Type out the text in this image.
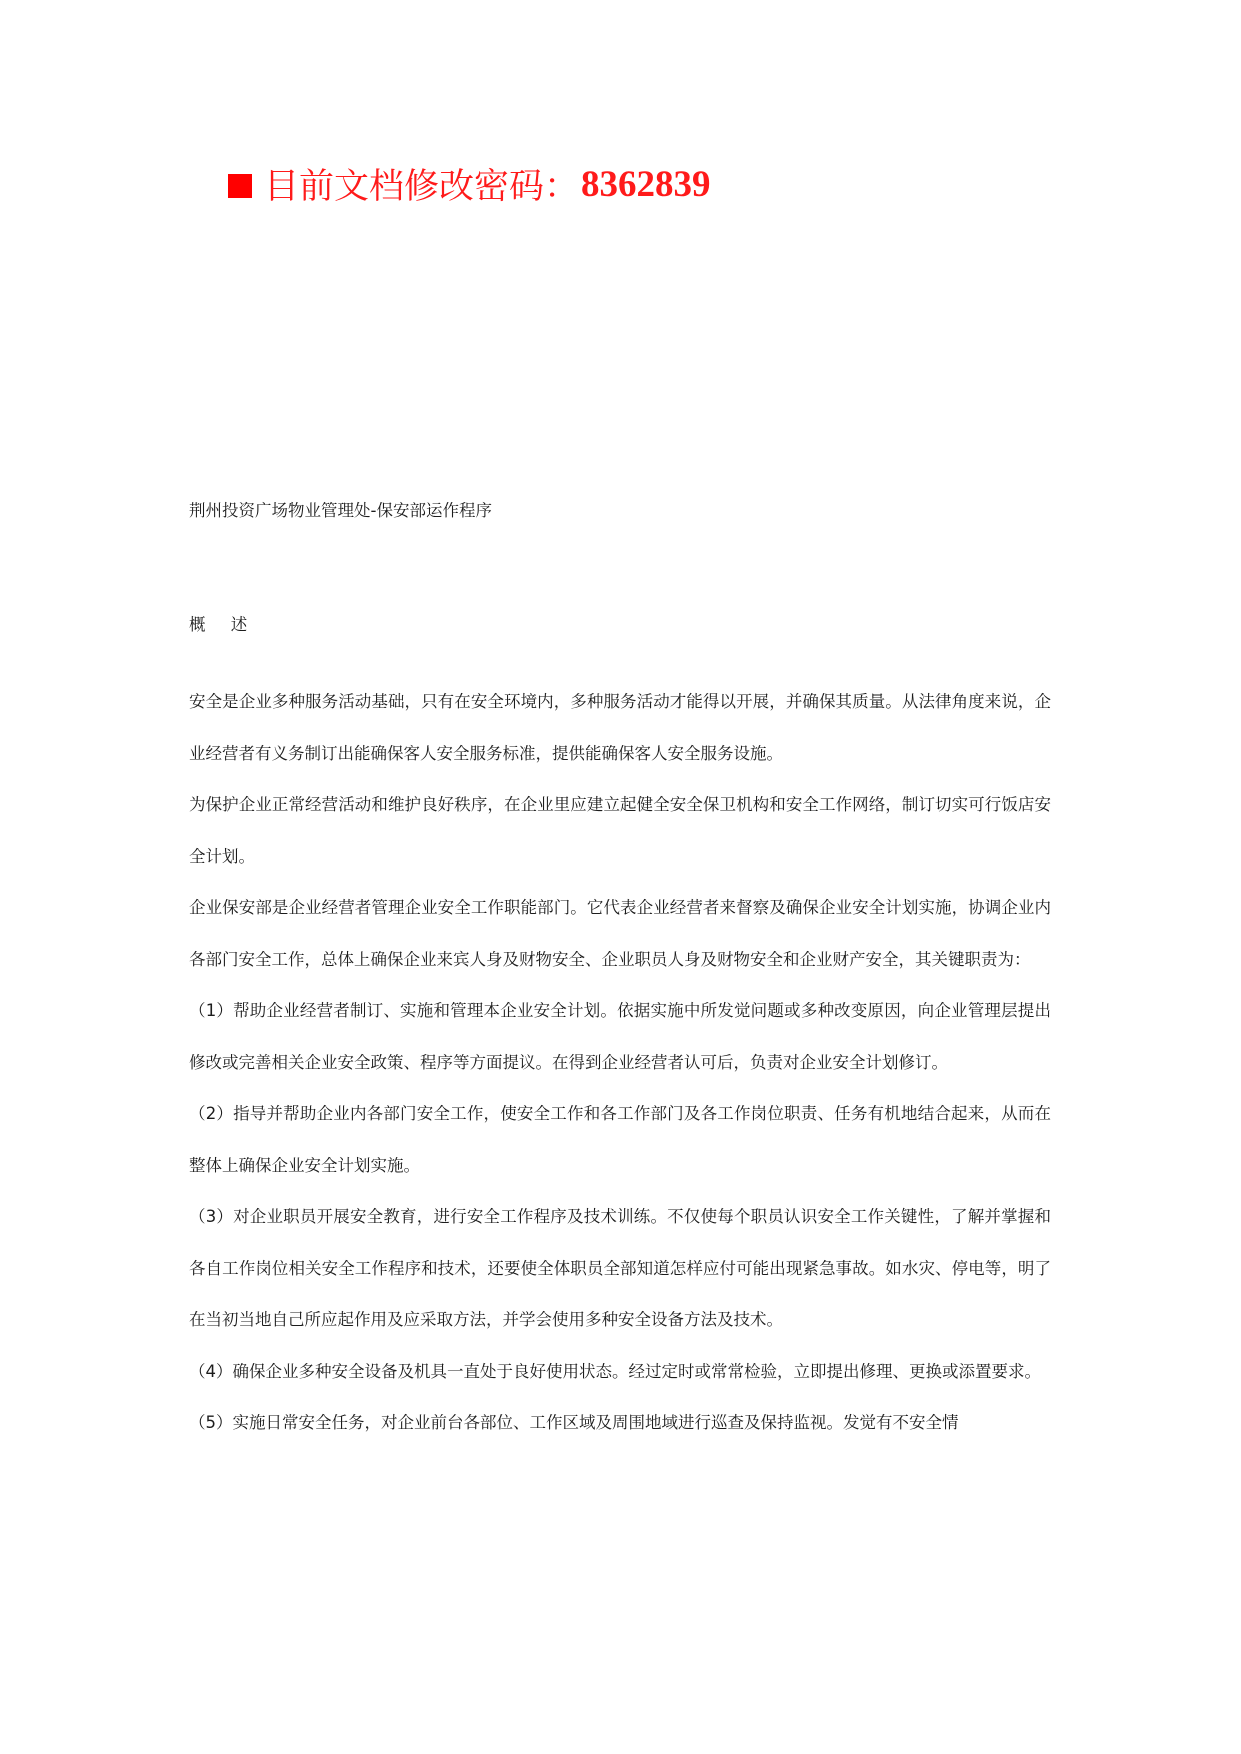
目前文档修改密码： 8362839
荆州投资广场物业管理处-保安部运作程序
概 述

安全是企业多种服务活动基础，只有在安全环境内，多种服务活动才能得以开展，并确保其质量。从法律角度来说，企业经营者有义务制订出能确保客人安全服务标准，提供能确保客人安全服务设施。

为保护企业正常经营活动和维护良好秩序，在企业里应建立起健全安全保卫机构和安全工作网络，制订切实可行饭店安全计划。

企业保安部是企业经营者管理企业安全工作职能部门。它代表企业经营者来督察及确保企业安全计划实施，协调企业内各部门安全工作，总体上确保企业来宾人身及财物安全、企业职员人身及财物安全和企业财产安全，其关键职责为：

（1）帮助企业经营者制订、实施和管理本企业安全计划。依据实施中所发觉问题或多种改变原因，向企业管理层提出修改或完善相关企业安全政策、程序等方面提议。在得到企业经营者认可后，负责对企业安全计划修订。

（2）指导并帮助企业内各部门安全工作，使安全工作和各工作部门及各工作岗位职责、任务有机地结合起来，从而在整体上确保企业安全计划实施。

（3）对企业职员开展安全教育，进行安全工作程序及技术训练。不仅使每个职员认识安全工作关键性，了解并掌握和各自工作岗位相关安全工作程序和技术，还要使全体职员全部知道怎样应付可能出现紧急事故。如水灾、停电等，明了在当初当地自己所应起作用及应采取方法，并学会使用多种安全设备方法及技术。

（4）确保企业多种安全设备及机具一直处于良好使用状态。经过定时或常常检验，立即提出修理、更换或添置要求。

（5）实施日常安全任务，对企业前台各部位、工作区域及周围地域进行巡查及保持监视。发觉有不安全情
